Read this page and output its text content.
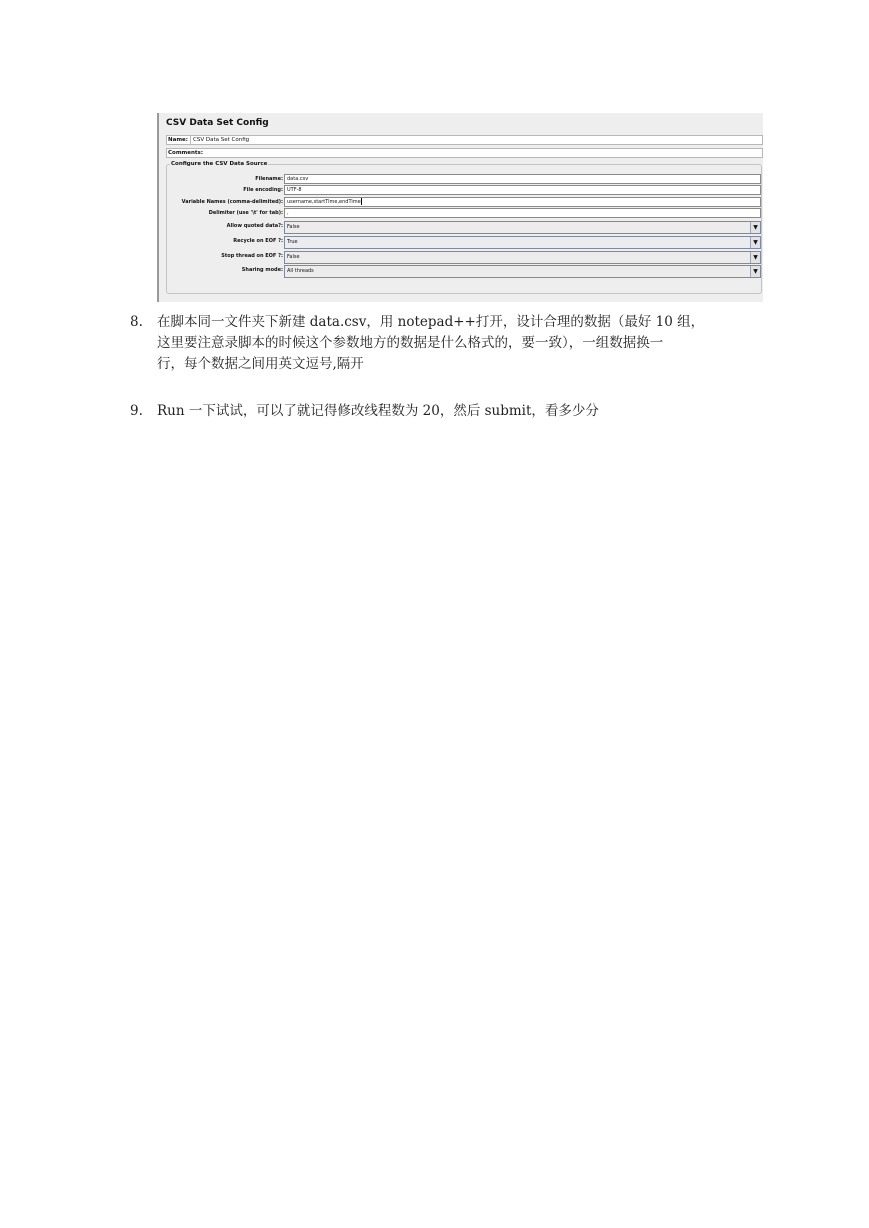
CSV Data Set Config
Name: CSV Data Set Config
Comments:
Configure the CSV Data Source
Filename: data.csv
File encoding: UTF-8
Variable Names (comma-delimited): username,startTime,endTime
Delimiter (use '\t' for tab): ,
Allow quoted data?: False	▼
Recycle on EOF ?: True	▼
Stop thread on EOF ?: False	▼
Sharing mode: All threads	▼
8.	在脚本同一文件夹下新建 data.csv，用 notepad++打开，设计合理的数据（最好 10 组，
这里要注意录脚本的时候这个参数地方的数据是什么格式的，要一致），一组数据换一
行，每个数据之间用英文逗号,隔开
9.	Run 一下试试，可以了就记得修改线程数为 20，然后 submit，看多少分
